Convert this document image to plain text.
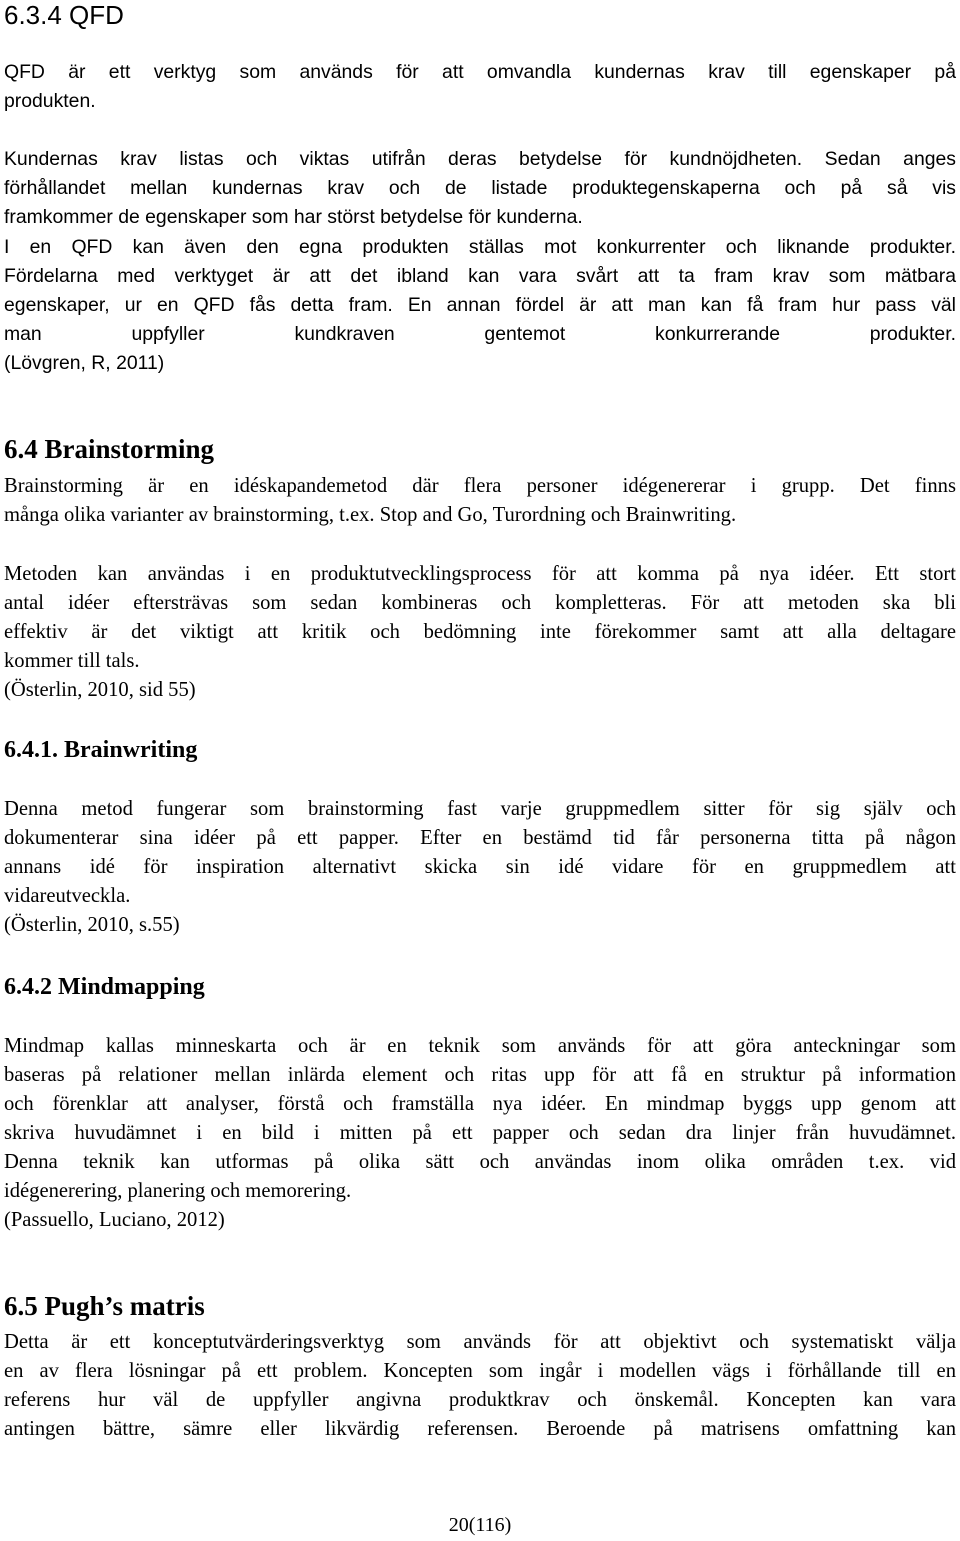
6.3.4 QFD
QFD är ett verktyg som används för att omvandla kundernas krav till egenskaper på
produkten.
Kundernas krav listas och viktas utifrån deras betydelse för kundnöjdheten. Sedan anges
förhållandet mellan kundernas krav och de listade produktegenskaperna och på så vis
framkommer de egenskaper som har störst betydelse för kunderna.
I en QFD kan även den egna produkten ställas mot konkurrenter och liknande produkter.
Fördelarna med verktyget är att det ibland kan vara svårt att ta fram krav som mätbara
egenskaper, ur en QFD fås detta fram. En annan fördel är att man kan få fram hur pass väl
man uppfyller kundkraven gentemot konkurrerande produkter.
(Lövgren, R, 2011)
6.4 Brainstorming
Brainstorming är en idéskapandemetod där flera personer idégenererar i grupp. Det finns
många olika varianter av brainstorming, t.ex. Stop and Go, Turordning och Brainwriting.
Metoden kan användas i en produktutvecklingsprocess för att komma på nya idéer. Ett stort
antal idéer eftersträvas som sedan kombineras och kompletteras. För att metoden ska bli
effektiv är det viktigt att kritik och bedömning inte förekommer samt att alla deltagare
kommer till tals.
(Österlin, 2010, sid 55)
6.4.1. Brainwriting
Denna metod fungerar som brainstorming fast varje gruppmedlem sitter för sig själv och
dokumenterar sina idéer på ett papper. Efter en bestämd tid får personerna titta på någon
annans idé för inspiration alternativt skicka sin idé vidare för en gruppmedlem att
vidareutveckla.
(Österlin, 2010, s.55)
6.4.2 Mindmapping
Mindmap kallas minneskarta och är en teknik som används för att göra anteckningar som
baseras på relationer mellan inlärda element och ritas upp för att få en struktur på information
och förenklar att analyser, förstå och framställa nya idéer. En mindmap byggs upp genom att
skriva huvudämnet i en bild i mitten på ett papper och sedan dra linjer från huvudämnet.
Denna teknik kan utformas på olika sätt och användas inom olika områden t.ex. vid
idégenerering, planering och memorering.
(Passuello, Luciano, 2012)
6.5 Pugh’s matris
Detta är ett konceptutvärderingsverktyg som används för att objektivt och systematiskt välja
en av flera lösningar på ett problem. Koncepten som ingår i modellen vägs i förhållande till en
referens hur väl de uppfyller angivna produktkrav och önskemål. Koncepten kan vara
antingen bättre, sämre eller likvärdig referensen. Beroende på matrisens omfattning kan
20(116)
